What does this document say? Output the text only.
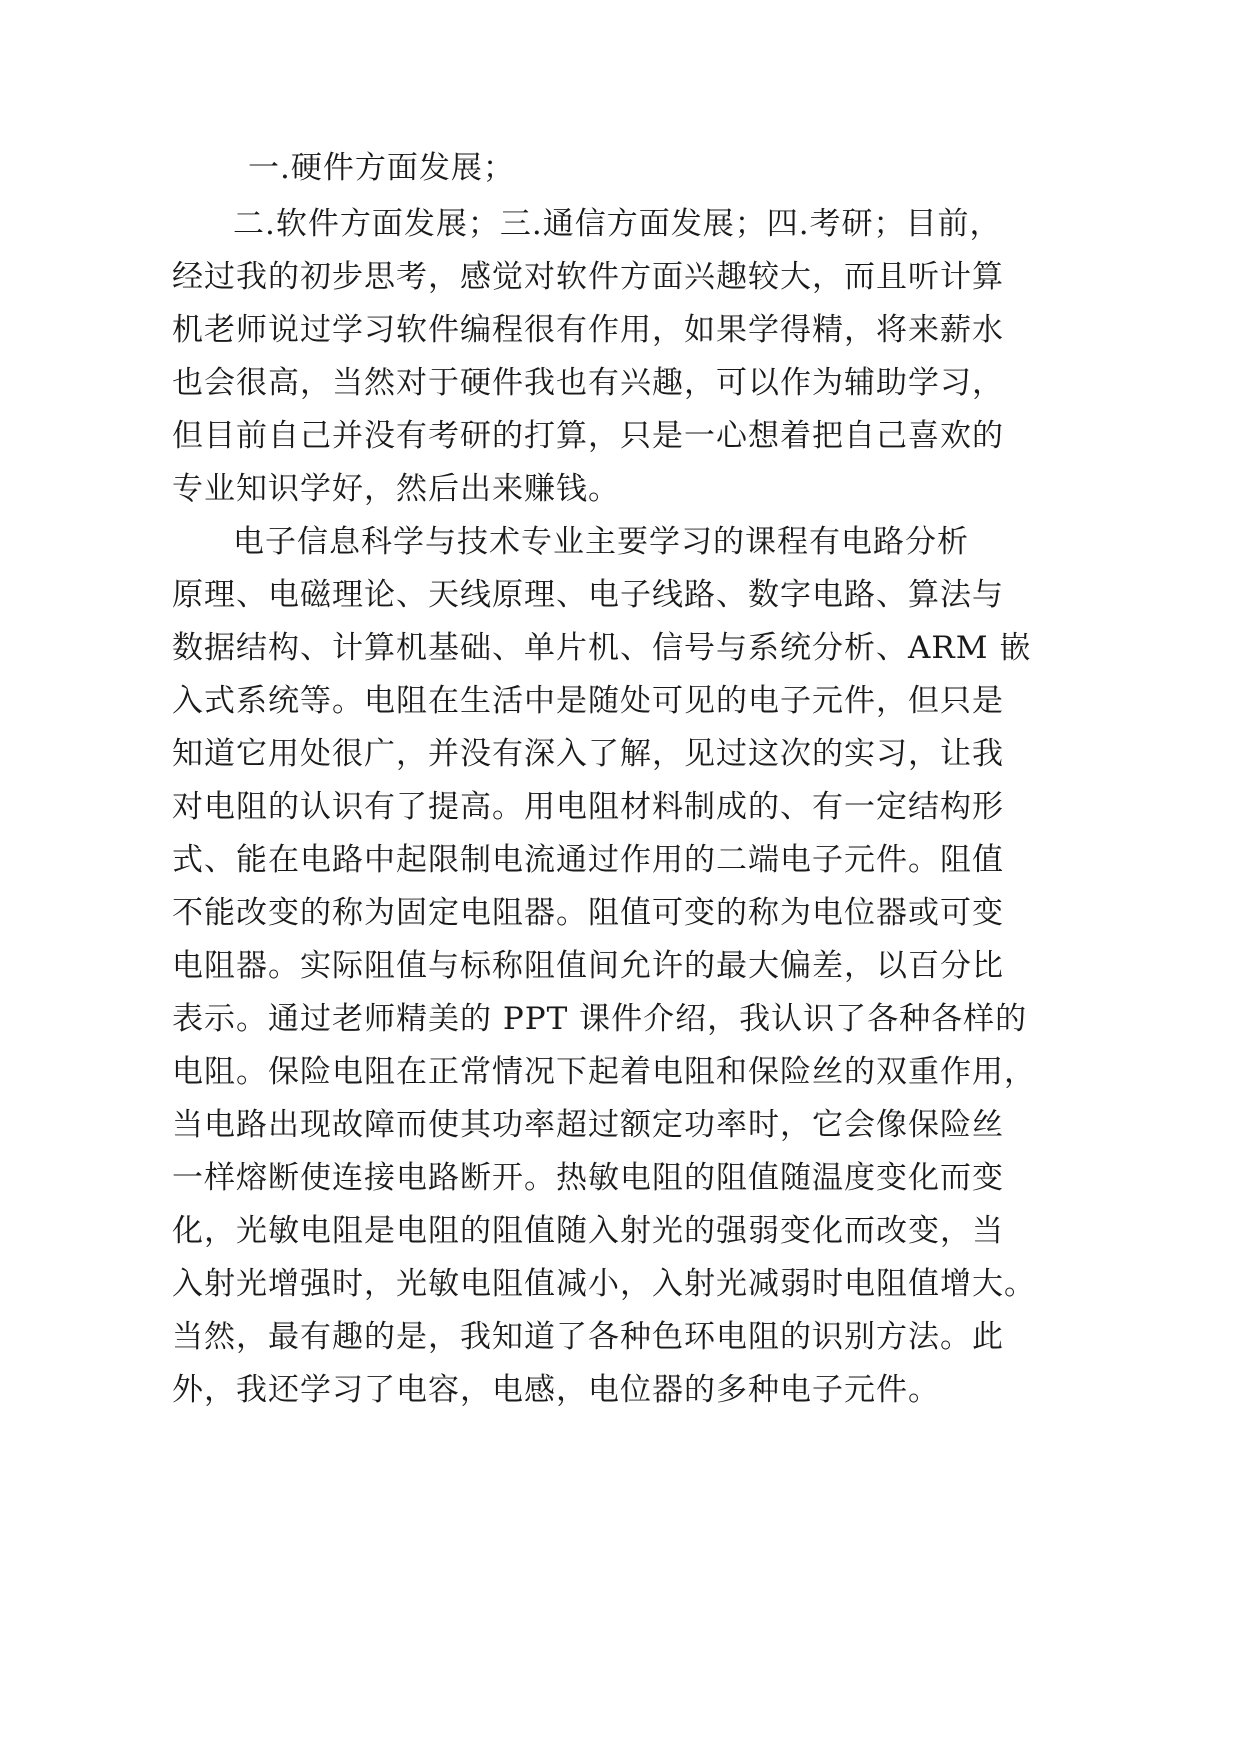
一.硬件方面发展；
二.软件方面发展；三.通信方面发展；四.考研；目前，
经过我的初步思考，感觉对软件方面兴趣较大，而且听计算
机老师说过学习软件编程很有作用，如果学得精，将来薪水
也会很高，当然对于硬件我也有兴趣，可以作为辅助学习，
但目前自己并没有考研的打算，只是一心想着把自己喜欢的
专业知识学好，然后出来赚钱。
电子信息科学与技术专业主要学习的课程有电路分析
原理、电磁理论、天线原理、电子线路、数字电路、算法与
数据结构、计算机基础、单片机、信号与系统分析、ARM 嵌
入式系统等。电阻在生活中是随处可见的电子元件，但只是
知道它用处很广，并没有深入了解，见过这次的实习，让我
对电阻的认识有了提高。用电阻材料制成的、有一定结构形
式、能在电路中起限制电流通过作用的二端电子元件。阻值
不能改变的称为固定电阻器。阻值可变的称为电位器或可变
电阻器。实际阻值与标称阻值间允许的最大偏差，以百分比
表示。通过老师精美的 PPT 课件介绍，我认识了各种各样的
电阻。保险电阻在正常情况下起着电阻和保险丝的双重作用，
当电路出现故障而使其功率超过额定功率时，它会像保险丝
一样熔断使连接电路断开。热敏电阻的阻值随温度变化而变
化，光敏电阻是电阻的阻值随入射光的强弱变化而改变，当
入射光增强时，光敏电阻值减小，入射光减弱时电阻值增大。
当然，最有趣的是，我知道了各种色环电阻的识别方法。此
外，我还学习了电容，电感，电位器的多种电子元件。
